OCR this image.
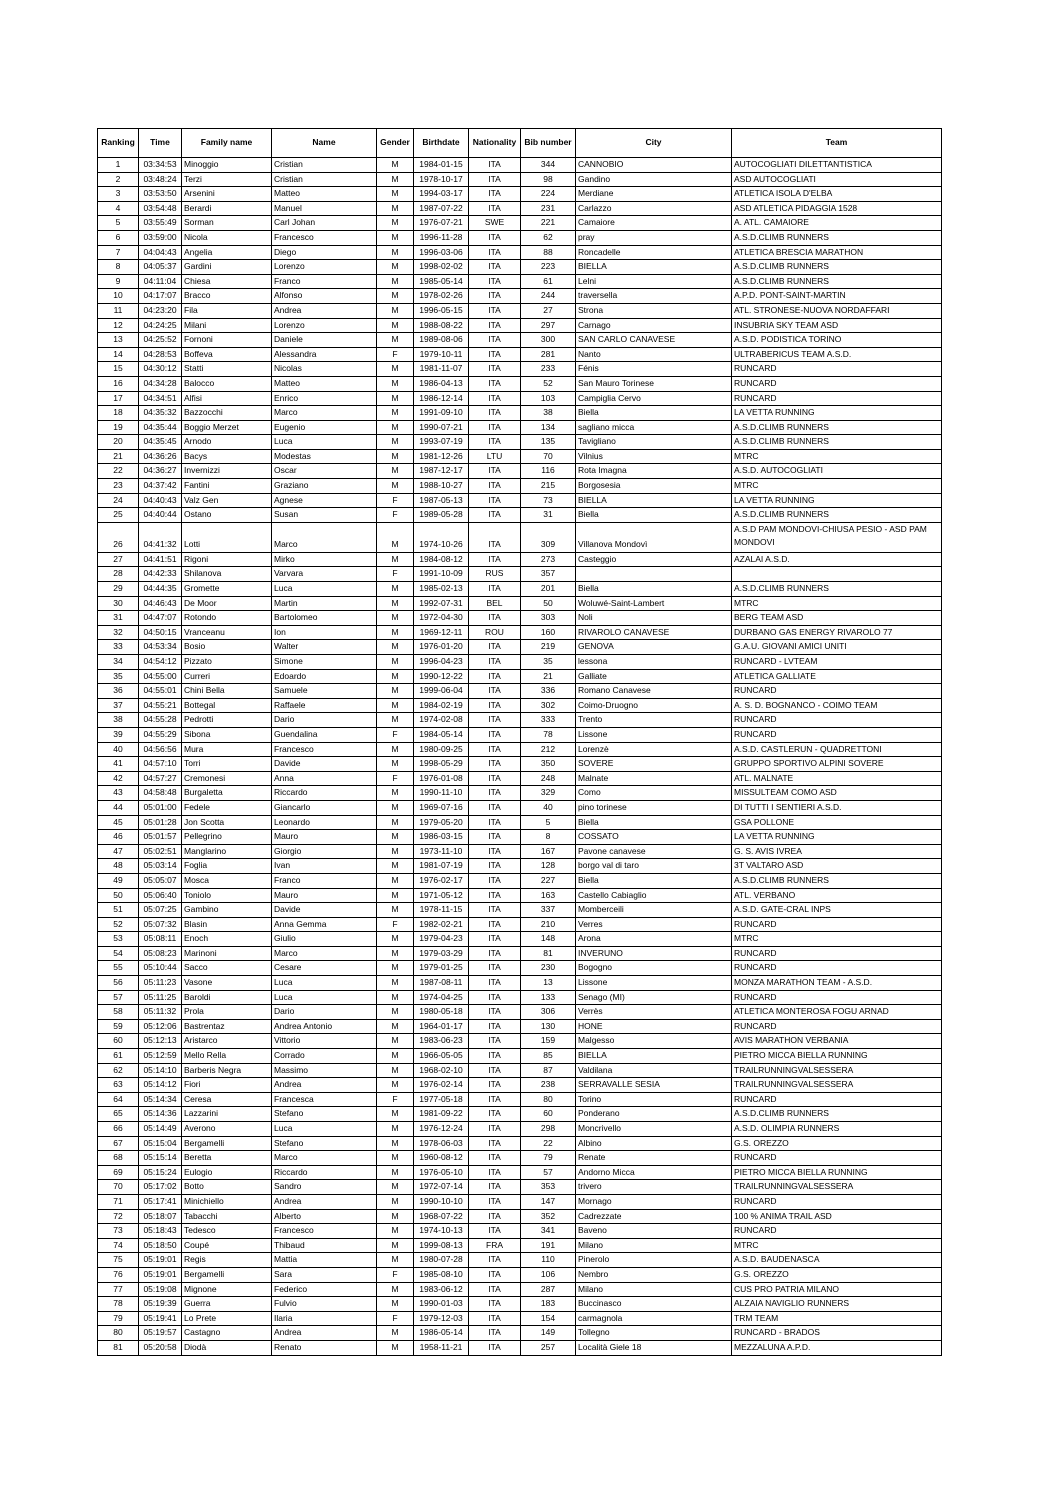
Ranking	Time	Family name	Name	Gender	Birthdate	Nationality	Bib number	City	Team
1	03:34:53	Minoggio	Cristian	M	1984-01-15	ITA	344	CANNOBIO	AUTOCOGLIATI DILETTANTISTICA
2	03:48:24	Terzi	Cristian	M	1978-10-17	ITA	98	Gandino	ASD AUTOCOGLIATI
3	03:53:50	Arsenini	Matteo	M	1994-03-17	ITA	224	Merdiane	ATLETICA ISOLA D'ELBA
4	03:54:48	Berardi	Manuel	M	1987-07-22	ITA	231	Carlazzo	ASD ATLETICA PIDAGGIA 1528
5	03:55:49	Sorman	Carl Johan	M	1976-07-21	SWE	221	Camaiore	A. ATL. CAMAIORE
6	03:59:00	Nicola	Francesco	M	1996-11-28	ITA	62	pray	A.S.D.CLIMB RUNNERS
7	04:04:43	Angelia	Diego	M	1996-03-06	ITA	88	Roncadelle	ATLETICA BRESCIA MARATHON
8	04:05:37	Gardini	Lorenzo	M	1998-02-02	ITA	223	BIELLA	A.S.D.CLIMB RUNNERS
9	04:11:04	Chiesa	Franco	M	1985-05-14	ITA	61	Lelni	A.S.D.CLIMB RUNNERS
10	04:17:07	Bracco	Alfonso	M	1978-02-26	ITA	244	traversella	A.P.D. PONT-SAINT-MARTIN
11	04:23:20	Fila	Andrea	M	1996-05-15	ITA	27	Strona	ATL. STRONESE-NUOVA NORDAFFARI
12	04:24:25	Milani	Lorenzo	M	1988-08-22	ITA	297	Carnago	INSUBRIA SKY TEAM ASD
13	04:25:52	Fornoni	Daniele	M	1989-08-06	ITA	300	SAN CARLO CANAVESE	A.S.D. PODISTICA TORINO
14	04:28:53	Boffeva	Alessandra	F	1979-10-11	ITA	281	Nanto	ULTRABERICUS TEAM A.S.D.
15	04:30:12	Statti	Nicolas	M	1981-11-07	ITA	233	Fénis	RUNCARD
16	04:34:28	Balocco	Matteo	M	1986-04-13	ITA	52	San Mauro Torinese	RUNCARD
17	04:34:51	Alfisi	Enrico	M	1986-12-14	ITA	103	Campiglia Cervo	RUNCARD
18	04:35:32	Bazzocchi	Marco	M	1991-09-10	ITA	38	Biella	LA VETTA RUNNING
19	04:35:44	Boggio Merzet	Eugenio	M	1990-07-21	ITA	134	sagliano micca	A.S.D.CLIMB RUNNERS
20	04:35:45	Arnodo	Luca	M	1993-07-19	ITA	135	Tavigliano	A.S.D.CLIMB RUNNERS
21	04:36:26	Bacys	Modestas	M	1981-12-26	LTU	70	Vilnius	MTRC
22	04:36:27	Invernizzi	Oscar	M	1987-12-17	ITA	116	Rota Imagna	A.S.D. AUTOCOGLIATI
23	04:37:42	Fantini	Graziano	M	1988-10-27	ITA	215	Borgosesia	MTRC
24	04:40:43	Valz Gen	Agnese	F	1987-05-13	ITA	73	BIELLA	LA VETTA RUNNING
25	04:40:44	Ostano	Susan	F	1989-05-28	ITA	31	Biella	A.S.D.CLIMB RUNNERS
26	04:41:32	Lotti	Marco	M	1974-10-26	ITA	309	Villanova Mondovì	A.S.D PAM MONDOVI-CHIUSA PESIO - ASD PAM MONDOVI
27	04:41:51	Rigoni	Mirko	M	1984-08-12	ITA	273	Casteggio	AZALAI A.S.D.
28	04:42:33	Shilanova	Varvara	F	1991-10-09	RUS	357		
29	04:44:35	Gromette	Luca	M	1985-02-13	ITA	201	Biella	A.S.D.CLIMB RUNNERS
30	04:46:43	De Moor	Martin	M	1992-07-31	BEL	50	Woluwé-Saint-Lambert	MTRC
31	04:47:07	Rotondo	Bartolomeo	M	1972-04-30	ITA	303	Noli	BERG TEAM ASD
32	04:50:15	Vranceanu	Ion	M	1969-12-11	ROU	160	RIVAROLO CANAVESE	DURBANO GAS ENERGY RIVAROLO 77
33	04:53:34	Bosio	Walter	M	1976-01-20	ITA	219	GENOVA	G.A.U. GIOVANI AMICI UNITI
34	04:54:12	Pizzato	Simone	M	1996-04-23	ITA	35	lessona	RUNCARD - LVTEAM
35	04:55:00	Curreri	Edoardo	M	1990-12-22	ITA	21	Galliate	ATLETICA GALLIATE
36	04:55:01	Chini Bella	Samuele	M	1999-06-04	ITA	336	Romano Canavese	RUNCARD
37	04:55:21	Bottegal	Raffaele	M	1984-02-19	ITA	302	Coimo-Druogno	A. S. D. BOGNANCO - COIMO TEAM
38	04:55:28	Pedrotti	Dario	M	1974-02-08	ITA	333	Trento	RUNCARD
39	04:55:29	Sibona	Guendalina	F	1984-05-14	ITA	78	Lissone	RUNCARD
40	04:56:56	Mura	Francesco	M	1980-09-25	ITA	212	Lorenzè	A.S.D. CASTLERUN - QUADRETTONI
41	04:57:10	Torri	Davide	M	1998-05-29	ITA	350	SOVERE	GRUPPO SPORTIVO ALPINI SOVERE
42	04:57:27	Cremonesi	Anna	F	1976-01-08	ITA	248	Malnate	ATL. MALNATE
43	04:58:48	Burgaletta	Riccardo	M	1990-11-10	ITA	329	Como	MISSULTEAM COMO ASD
44	05:01:00	Fedele	Giancarlo	M	1969-07-16	ITA	40	pino torinese	DI TUTTI I SENTIERI A.S.D.
45	05:01:28	Jon Scotta	Leonardo	M	1979-05-20	ITA	5	Biella	GSA POLLONE
46	05:01:57	Pellegrino	Mauro	M	1986-03-15	ITA	8	COSSATO	LA VETTA RUNNING
47	05:02:51	Manglarino	Giorgio	M	1973-11-10	ITA	167	Pavone canavese	G. S. AVIS IVREA
48	05:03:14	Foglia	Ivan	M	1981-07-19	ITA	128	borgo val di taro	3T VALTARO ASD
49	05:05:07	Mosca	Franco	M	1976-02-17	ITA	227	Biella	A.S.D.CLIMB RUNNERS
50	05:06:40	Toniolo	Mauro	M	1971-05-12	ITA	163	Castello Cabiaglio	ATL. VERBANO
51	05:07:25	Gambino	Davide	M	1978-11-15	ITA	337	Momberceili	A.S.D. GATE-CRAL INPS
52	05:07:32	Blasin	Anna Gemma	F	1982-02-21	ITA	210	Verres	RUNCARD
53	05:08:11	Enoch	Giulio	M	1979-04-23	ITA	148	Arona	MTRC
54	05:08:23	Marinoni	Marco	M	1979-03-29	ITA	81	INVERUNO	RUNCARD
55	05:10:44	Sacco	Cesare	M	1979-01-25	ITA	230	Bogogno	RUNCARD
56	05:11:23	Vasone	Luca	M	1987-08-11	ITA	13	Lissone	MONZA MARATHON TEAM - A.S.D.
57	05:11:25	Baroldi	Luca	M	1974-04-25	ITA	133	Senago (MI)	RUNCARD
58	05:11:32	Prola	Dario	M	1980-05-18	ITA	306	Verrès	ATLETICA MONTEROSA FOGU ARNAD
59	05:12:06	Bastrentaz	Andrea Antonio	M	1964-01-17	ITA	130	HONE	RUNCARD
60	05:12:13	Aristarco	Vittorio	M	1983-06-23	ITA	159	Malgesso	AVIS MARATHON VERBANIA
61	05:12:59	Mello Rella	Corrado	M	1966-05-05	ITA	85	BIELLA	PIETRO MICCA BIELLA RUNNING
62	05:14:10	Barberis Negra	Massimo	M	1968-02-10	ITA	87	Valdilana	TRAILRUNNINGVALSESSERA
63	05:14:12	Fiori	Andrea	M	1976-02-14	ITA	238	SERRAVALLE SESIA	TRAILRUNNINGVALSESSERA
64	05:14:34	Ceresa	Francesca	F	1977-05-18	ITA	80	Torino	RUNCARD
65	05:14:36	Lazzarini	Stefano	M	1981-09-22	ITA	60	Ponderano	A.S.D.CLIMB RUNNERS
66	05:14:49	Averono	Luca	M	1976-12-24	ITA	298	Moncrivello	A.S.D. OLIMPIA RUNNERS
67	05:15:04	Bergamelli	Stefano	M	1978-06-03	ITA	22	Albino	G.S. OREZZO
68	05:15:14	Beretta	Marco	M	1960-08-12	ITA	79	Renate	RUNCARD
69	05:15:24	Eulogio	Riccardo	M	1976-05-10	ITA	57	Andorno Micca	PIETRO MICCA BIELLA RUNNING
70	05:17:02	Botto	Sandro	M	1972-07-14	ITA	353	trivero	TRAILRUNNINGVALSESSERA
71	05:17:41	Minichiello	Andrea	M	1990-10-10	ITA	147	Mornago	RUNCARD
72	05:18:07	Tabacchi	Alberto	M	1968-07-22	ITA	352	Cadrezzate	100 % ANIMA TRAIL ASD
73	05:18:43	Tedesco	Francesco	M	1974-10-13	ITA	341	Baveno	RUNCARD
74	05:18:50	Coupé	Thibaud	M	1999-08-13	FRA	191	Milano	MTRC
75	05:19:01	Regis	Mattia	M	1980-07-28	ITA	110	Pinerolo	A.S.D. BAUDENASCA
76	05:19:01	Bergamelli	Sara	F	1985-08-10	ITA	106	Nembro	G.S. OREZZO
77	05:19:08	Mignone	Federico	M	1983-06-12	ITA	287	Milano	CUS PRO PATRIA MILANO
78	05:19:39	Guerra	Fulvio	M	1990-01-03	ITA	183	Buccinasco	ALZAIA NAVIGLIO RUNNERS
79	05:19:41	Lo Prete	Ilaria	F	1979-12-03	ITA	154	carmagnola	TRM TEAM
80	05:19:57	Castagno	Andrea	M	1986-05-14	ITA	149	Tollegno	RUNCARD - BRADOS
81	05:20:58	Diodà	Renato	M	1958-11-21	ITA	257	Località Giele 18	MEZZALUNA A.P.D.
